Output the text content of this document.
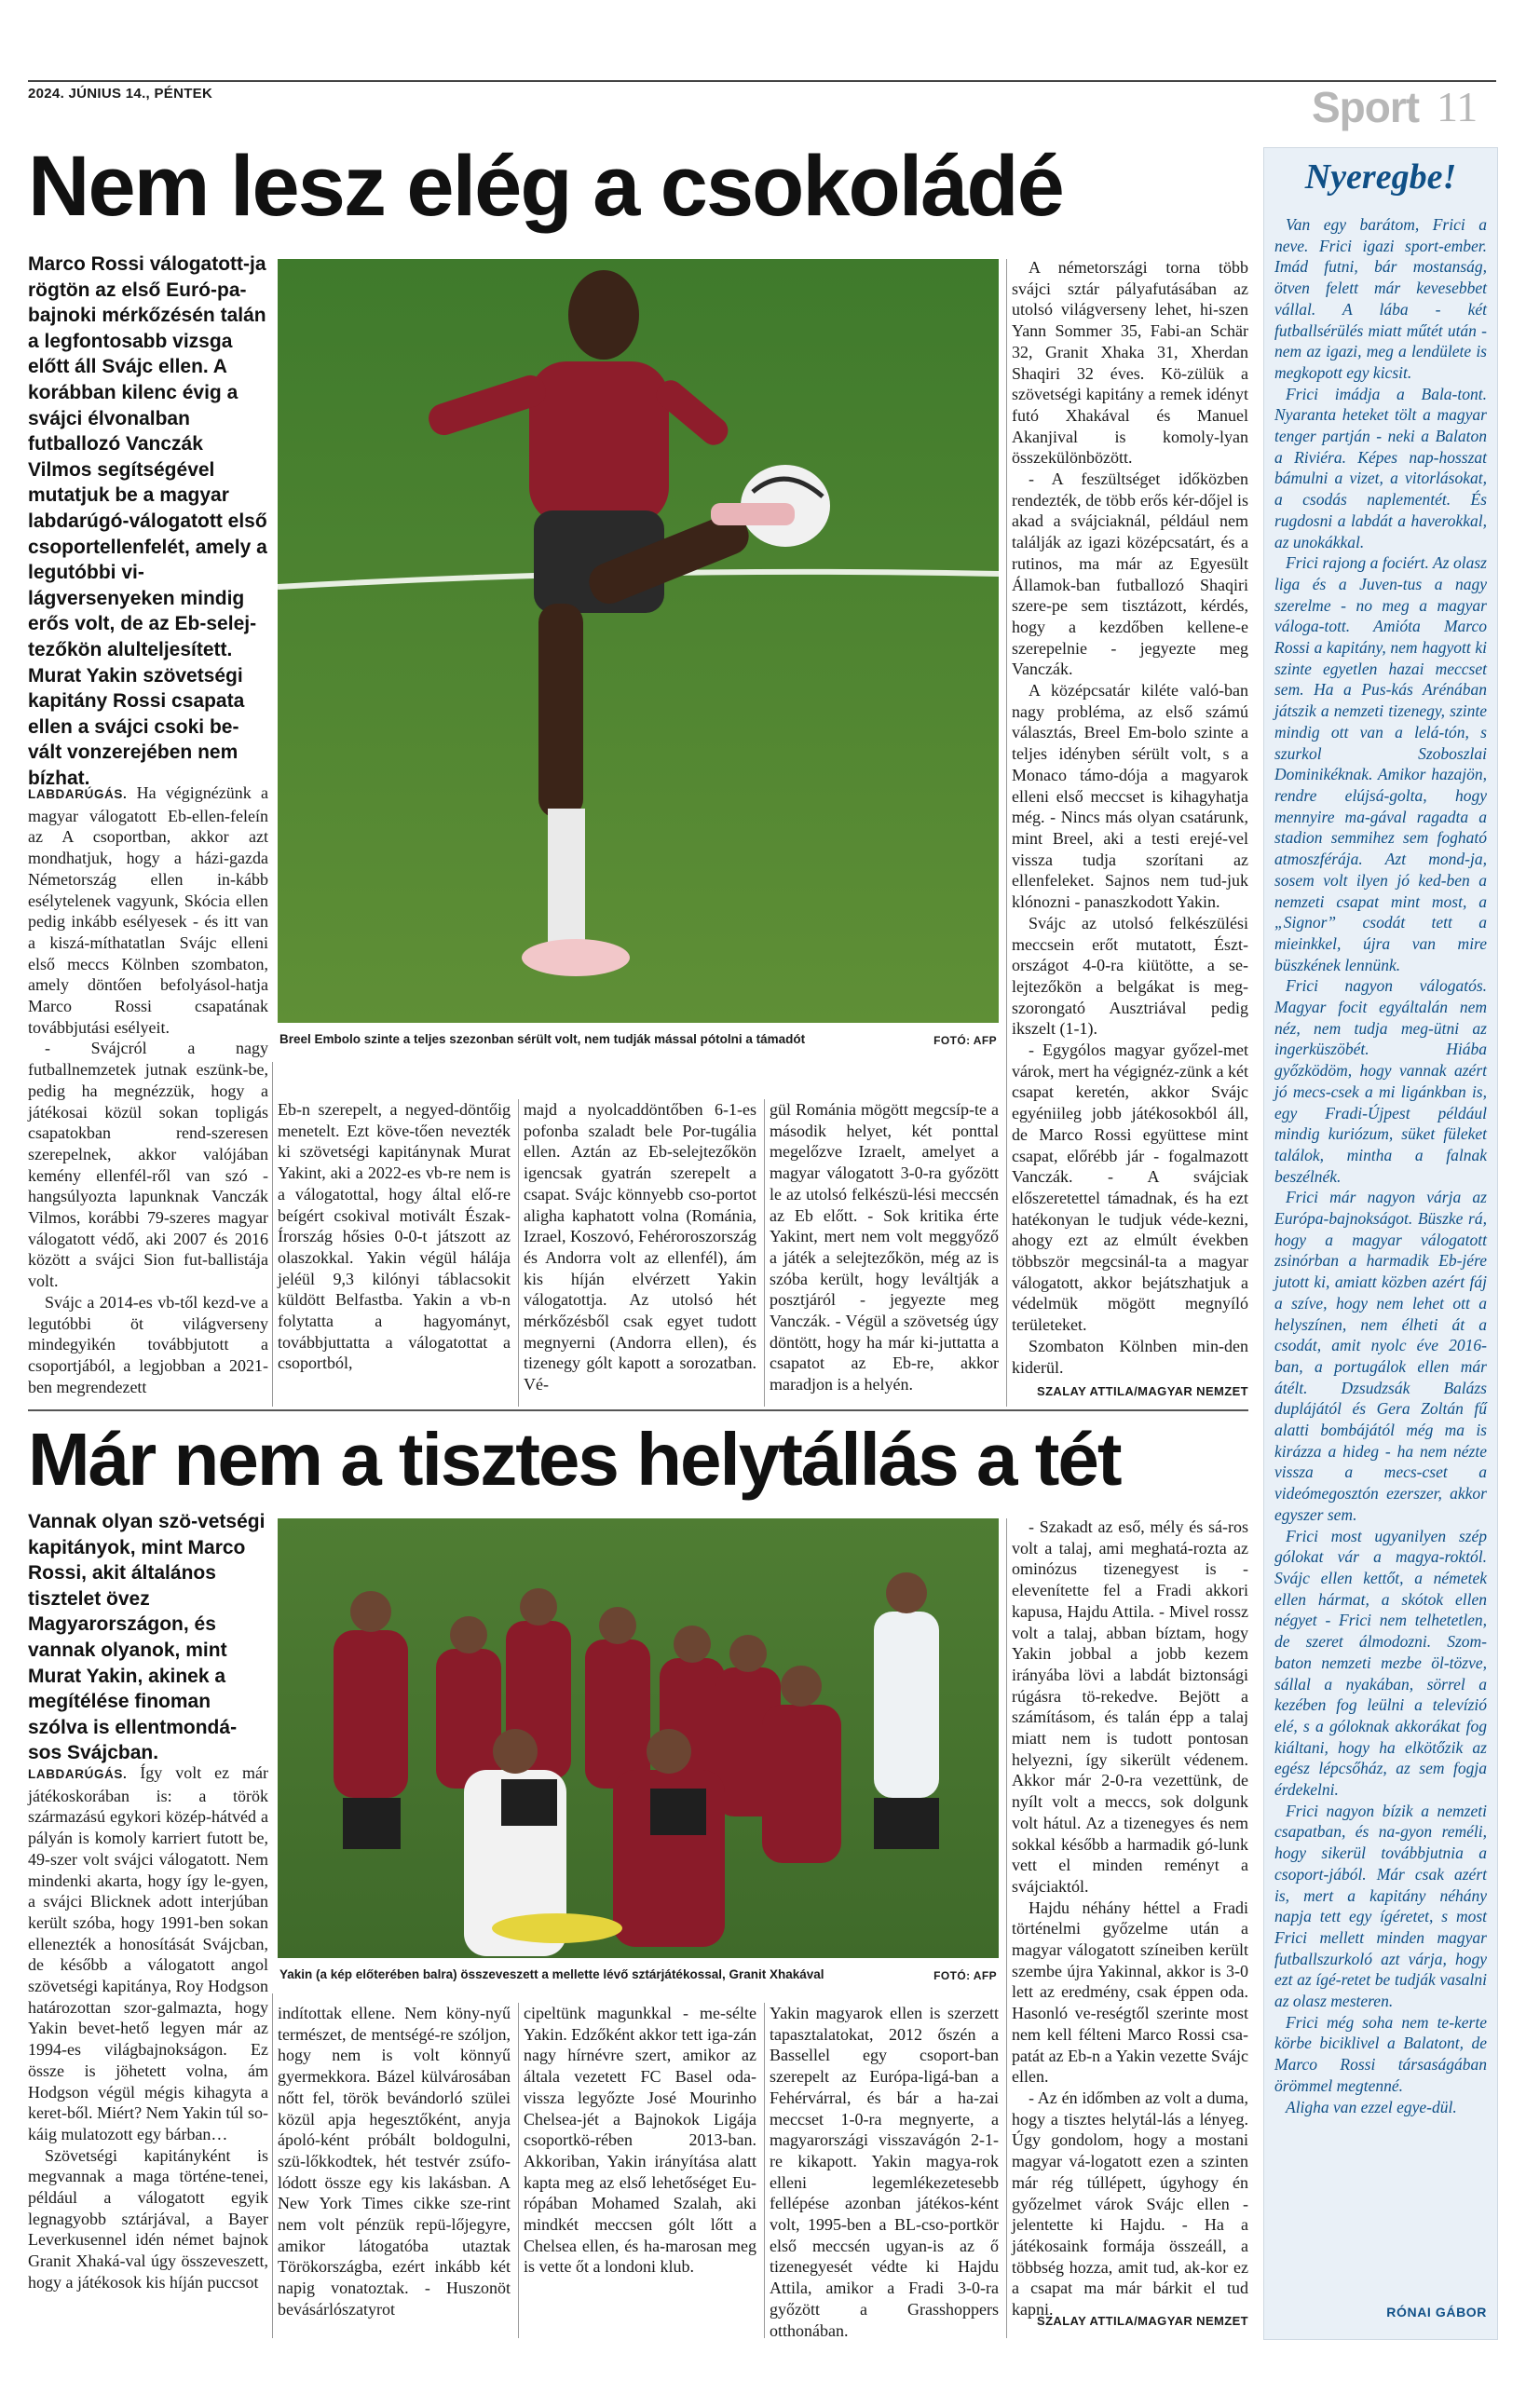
2024. JÚNIUS 14., PÉNTEK	Sport 11
Nem lesz elég a csokoládé

Marco Rossi válogatott-ja rögtön az első Euró-pa-bajnoki mérkőzésén talán a legfontosabb vizsga előtt áll Svájc ellen. A korábban kilenc évig a svájci élvonalban futballozó Vanczák Vilmos segítségével mutatjuk be a magyar labdarúgó-válogatott első csoportellenfelét, amely a legutóbbi vi-lágversenyeken mindig erős volt, de az Eb-selej-tezőkön alulteljesített. Murat Yakin szövetségi kapitány Rossi csapata ellen a svájci csoki be-vált vonzerejében nem bízhat.

Breel Embolo szinte a teljes szezonban sérült volt, nem tudják mással pótolni a támadót	FOTÓ: AFP

LABDARÚGÁS. Ha végignézünk a magyar válogatott Eb-ellen-feleín az A csoportban, akkor azt mondhatjuk, hogy a házi-gazda Németország ellen in-kább esélytelenek vagyunk, Skócia ellen pedig inkább esélyesek - és itt van a kiszá-míthatatlan Svájc elleni első meccs Kölnben szombaton, amely döntően befolyásol-hatja Marco Rossi csapatának továbbjutási esélyeit.

- Svájcról a nagy futballnemzetek jutnak eszünk-be, pedig ha megnézzük, hogy a játékosai közül sokan topligás csapatokban rend-szeresen szerepelnek, akkor valójában kemény ellenfél-ről van szó - hangsúlyozta lapunknak Vanczák Vilmos, korábbi 79-szeres magyar válogatott védő, aki 2007 és 2016 között a svájci Sion fut-ballistája volt.

Svájc a 2014-es vb-től kezd-ve a legutóbbi öt világverseny mindegyikén továbbjutott a csoportjából, a legjobban a 2021-ben megrendezett

Eb-n szerepelt, a negyed-döntőig menetelt. Ezt köve-tően nevezték ki szövetségi kapitánynak Murat Yakint, aki a 2022-es vb-re nem is a válogatottal, hogy által elő-re beígért csokival motivált Észak-Írország hősies 0-0-t játszott az olaszokkal. Yakin végül hálája jeléül 9,3 kilónyi táblacsokit küldött Belfastba. Yakin a vb-n folytatta a hagyományt, továbbjuttatta a válogatottat a csoportból,

majd a nyolcaddöntőben 6-1-es pofonba szaladt bele Por-tugália ellen. Aztán az Eb-selejtezőkön igencsak gyatrán szerepelt a csapat. Svájc könnyebb cso-portot aligha kaphatott volna (Románia, Izrael, Koszovó, Fehéroroszország és Andorra volt az ellenfél), ám kis híján elvérzett Yakin válogatottja. Az utolsó hét mérkőzésből csak egyet tudott megnyerni (Andorra ellen), és tizenegy gólt kapott a sorozatban. Vé-

gül Románia mögött megcsíp-te a második helyet, két ponttal megelőzve Izraelt, amelyet a magyar válogatott 3-0-ra győzött le az utolsó felkészü-lési meccsén az Eb előtt. - Sok kritika érte Yakint, mert nem volt meggyőző a játék a selejtezőkön, még az is szóba került, hogy leváltják a posztjáról - jegyezte meg Vanczák. - Végül a szövetség úgy döntött, hogy ha már ki-juttatta a csapatot az Eb-re, akkor maradjon is a helyén.

A németországi torna több svájci sztár pályafutásában az utolsó világverseny lehet, hi-szen Yann Sommer 35, Fabi-an Schär 32, Granit Xhaka 31, Xherdan Shaqiri 32 éves. Kö-zülük a szövetségi kapitány a remek idényt futó Xhakával és Manuel Akanjival is komoly-lyan összekülönbözött.

- A feszültséget időközben rendezték, de több erős kér-dőjel is akad a svájciaknál, például nem találják az igazi középcsatárt, és a rutinos, ma már az Egyesült Államok-ban futballozó Shaqiri szere-pe sem tisztázott, kérdés, hogy a kezdőben kellene-e szerepelnie - jegyezte meg Vanczák.

A középcsatár kiléte való-ban nagy probléma, az első számú választás, Breel Em-bolo szinte a teljes idényben sérült volt, s a Monaco támo-dója a magyarok elleni első meccset is kihagyhatja még. - Nincs más olyan csatárunk, mint Breel, aki a testi erejé-vel vissza tudja szorítani az ellenfeleket. Sajnos nem tud-juk klónozni - panaszkodott Yakin.

Svájc az utolsó felkészülési meccsein erőt mutatott, Észt-országot 4-0-ra kiütötte, a se-lejtezőkön a belgákat is meg-szorongató Ausztriával pedig ikszelt (1-1).

- Egygólos magyar győzel-met várok, mert ha végignéz-zünk a két csapat keretén, akkor Svájc egyéniileg jobb játékosokból áll, de Marco Rossi együttese mint csapat, előrébb jár - fogalmazott Vanczák. - A svájciak előszeretettel támadnak, és ha ezt hatékonyan le tudjuk véde-kezni, ahogy ezt az elmúlt években többször megcsinál-ta a magyar válogatott, akkor bejátszhatjuk a védelmük mögött megnyíló területeket.

Szombaton Kölnben min-den kiderül.

SZALAY ATTILA/MAGYAR NEMZET
Már nem a tisztes helytállás a tét

Vannak olyan szö-vetségi kapitányok, mint Marco Rossi, akit általános tisztelet övez Magyarországon, és vannak olyanok, mint Murat Yakin, akinek a megítélése finoman szólva is ellentmondá-sos Svájcban.

Yakin (a kép előterében balra) összeveszett a mellette lévő sztárjátékossal, Granit Xhakával	FOTÓ: AFP

LABDARÚGÁS. Így volt ez már játékoskorában is: a török származású egykori közép-hátvéd a pályán is komoly karriert futott be, 49-szer volt svájci válogatott. Nem mindenki akarta, hogy így le-gyen, a svájci Blicknek adott interjúban került szóba, hogy 1991-ben sokan ellenezték a honosítását Svájcban, de később a válogatott angol szövetségi kapitánya, Roy Hodgson határozottan szor-galmazta, hogy Yakin bevet-hető legyen már az 1994-es világbajnokságon. Ez össze is jöhetett volna, ám Hodgson végül mégis kihagyta a keret-ből. Miért? Nem Yakin túl so-káig mulatozott egy bárban…

Szövetségi kapitányként is megvannak a maga történe-tenei, például a válogatott egyik legnagyobb sztárjával, a Bayer Leverkusennel idén német bajnok Granit Xhaká-val úgy összeveszett, hogy a játékosok kis híján puccsot

indítottak ellene. Nem köny-nyű természet, de mentségé-re szóljon, hogy nem is volt könnyű gyermekkora. Bázel külvárosában nőtt fel, török bevándorló szülei közül apja hegesztőként, anyja ápoló-ként próbált boldogulni, szü-lőkkodtek, hét testvér zsúfo-lódott össze egy kis lakásban. A New York Times cikke sze-rint nem volt pénzük repü-lőjegyre, amikor látogatóba utaztak Törökországba, ezért inkább két napig vonatoztak. - Huszonöt bevásárlószatyrot

cipeltünk magunkkal - me-sélte Yakin. Edzőként akkor tett iga-zán nagy hírnévre szert, amikor az általa vezetett FC Basel oda-vissza legyőzte José Mourinho Chelsea-jét a Bajnokok Ligája csoportkö-rében 2013-ban. Akkoriban, Yakin irányítása alatt kapta meg az első lehetőséget Eu-rópában Mohamed Szalah, aki mindkét meccsen gólt lőtt a Chelsea ellen, és ha-marosan meg is vette őt a londoni klub.

Yakin magyarok ellen is szerzett tapasztalatokat, 2012 őszén a Bassellel egy csoport-ban szerepelt az Európa-ligá-ban a Fehérvárral, és bár a ha-zai meccset 1-0-ra megnyerte, a magyarországi visszavágón 2-1-re kikapott. Yakin magya-rok elleni legemlékezetesebb fellépése azonban játékos-ként volt, 1995-ben a BL-cso-portkör első meccsén ugyan-is az ő tizenegyesét védte ki Hajdu Attila, amikor a Fradi 3-0-ra győzött a Grasshoppers otthonában.

- Szakadt az eső, mély és sá-ros volt a talaj, ami meghatá-rozta az ominózus tizenegyest is - elevenítette fel a Fradi akkori kapusa, Hajdu Attila. - Mivel rossz volt a talaj, abban bíztam, hogy Yakin jobbal a jobb kezem irányába lövi a labdát biztonsági rúgásra tö-rekedve. Bejött a számításom, és talán épp a talaj miatt nem is tudott pontosan helyezni, így sikerült védenem. Akkor már 2-0-ra vezettünk, de nyílt volt a meccs, sok dolgunk volt hátul. Az a tizenegyes és nem sokkal később a harmadik gó-lunk vett el minden reményt a svájciaktól.

Hajdu néhány héttel a Fradi történelmi győzelme után a magyar válogatott színeiben került szembe újra Yakinnal, akkor is 3-0 lett az eredmény, csak éppen oda. Hasonló ve-reségtől szerinte most nem kell félteni Marco Rossi csa-patát az Eb-n a Yakin vezette Svájc ellen.

- Az én időmben az volt a duma, hogy a tisztes helytál-lás a lényeg. Úgy gondolom, hogy a mostani magyar vá-logatott ezen a szinten már rég túllépett, úgyhogy én győzelmet várok Svájc ellen - jelentette ki Hajdu. - Ha a játékosaink formája összeáll, a többség hozza, amit tud, ak-kor ez a csapat ma már bárkit el tud kapni.

SZALAY ATTILA/MAGYAR NEMZET
Nyeregbe!

Van egy barátom, Frici a neve. Frici igazi sport-ember. Imád futni, bár mostanság, ötven felett már kevesebbet vállal. A lába - két futballsérülés miatt műtét után - nem az igazi, meg a lendülete is megkopott egy kicsit.

Frici imádja a Bala-tont. Nyaranta heteket tölt a magyar tenger partján - neki a Balaton a Riviéra. Képes nap-hosszat bámulni a vizet, a vitorlásokat, a csodás naplementét. És rugdosni a labdát a haverokkal, az unokákkal.

Frici rajong a fociért. Az olasz liga és a Juven-tus a nagy szerelme - no meg a magyar váloga-tott. Amióta Marco Rossi a kapitány, nem hagyott ki szinte egyetlen hazai meccset sem. Ha a Pus-kás Arénában játszik a nemzeti tizenegy, szinte mindig ott van a lelá-tón, s szurkol Szoboszlai Dominikéknak. Amikor hazajön, rendre elújsá-golta, hogy mennyire ma-gával ragadta a stadion semmihez sem fogható atmoszférája. Azt mond-ja, sosem volt ilyen jó ked-ben a nemzeti csapat mint most, a „Signor” csodát tett a mieinkkel, újra van mire büszkének lennünk.

Frici nagyon válogatós. Magyar focit egyáltalán nem néz, nem tudja meg-ütni az ingerküszöbét. Hiába győzködöm, hogy vannak azért jó mecs-csek a mi ligánkban is, egy Fradi-Újpest például mindig kuriózum, süket füleket találok, mintha a falnak beszélnék.

Frici már nagyon várja az Európa-bajnokságot. Büszke rá, hogy a magyar válogatott zsinórban a harmadik Eb-jére jutott ki, amiatt közben azért fáj a szíve, hogy nem lehet ott a helyszínen, nem élheti át a csodát, amit nyolc éve 2016-ban, a portugálok ellen már átélt. Dzsudzsák Balázs duplájától és Gera Zoltán fű alatti bombájától még ma is kirázza a hideg - ha nem nézte vissza a mecs-cset a videómegosztón ezerszer, akkor egyszer sem.

Frici most ugyanilyen szép gólokat vár a magya-roktól. Svájc ellen kettőt, a németek ellen hármat, a skótok ellen négyet - Frici nem telhetetlen, de szeret álmodozni. Szom-baton nemzeti mezbe öl-tözve, sállal a nyakában, sörrel a kezében fog leülni a televízió elé, s a góloknak akkorákat fog kiáltani, hogy ha elkötőzik az egész lépcsőház, az sem fogja érdekelni.

Frici nagyon bízik a nemzeti csapatban, és na-gyon reméli, hogy sikerül továbbjutnia a csoport-jából. Már csak azért is, mert a kapitány néhány napja tett egy ígéretet, s most Frici mellett minden magyar futballszurkoló azt várja, hogy ezt az ígé-retet be tudják vasalni az olasz mesteren.

Frici még soha nem te-kerte körbe biciklivel a Balatont, de Marco Rossi társaságában örömmel megtenné.

Aligha van ezzel egye-dül.

RÓNAI GÁBOR
